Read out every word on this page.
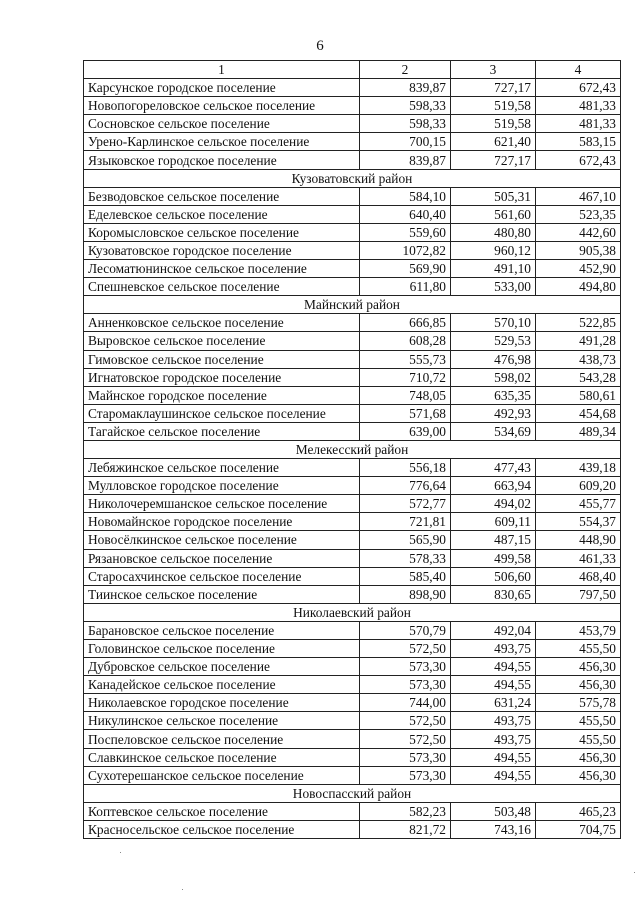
6
1	2	3	4
Карсунское городское поселение	839,87	727,17	672,43
Новопогореловское сельское поселение	598,33	519,58	481,33
Сосновское сельское поселение	598,33	519,58	481,33
Урено-Карлинское сельское поселение	700,15	621,40	583,15
Языковское городское поселение	839,87	727,17	672,43
Кузоватовский район			
Безводовское сельское поселение	584,10	505,31	467,10
Еделевское сельское поселение	640,40	561,60	523,35
Коромысловское сельское поселение	559,60	480,80	442,60
Кузоватовское городское поселение	1072,82	960,12	905,38
Лесоматюнинское сельское поселение	569,90	491,10	452,90
Спешневское сельское поселение	611,80	533,00	494,80
Майнский район			
Анненковское сельское поселение	666,85	570,10	522,85
Выровское сельское поселение	608,28	529,53	491,28
Гимовское сельское поселение	555,73	476,98	438,73
Игнатовское городское поселение	710,72	598,02	543,28
Майнское городское поселение	748,05	635,35	580,61
Старомаклаушинское сельское поселение	571,68	492,93	454,68
Тагайское сельское поселение	639,00	534,69	489,34
Мелекесский район			
Лебяжинское сельское поселение	556,18	477,43	439,18
Мулловское городское поселение	776,64	663,94	609,20
Николочеремшанское сельское поселение	572,77	494,02	455,77
Новомайнское городское поселение	721,81	609,11	554,37
Новосёлкинское сельское поселение	565,90	487,15	448,90
Рязановское сельское поселение	578,33	499,58	461,33
Старосахчинское сельское поселение	585,40	506,60	468,40
Тиинское сельское поселение	898,90	830,65	797,50
Николаевский район			
Барановское сельское поселение	570,79	492,04	453,79
Головинское сельское поселение	572,50	493,75	455,50
Дубровское сельское поселение	573,30	494,55	456,30
Канадейское сельское поселение	573,30	494,55	456,30
Николаевское городское поселение	744,00	631,24	575,78
Никулинское сельское поселение	572,50	493,75	455,50
Поспеловское сельское поселение	572,50	493,75	455,50
Славкинское сельское поселение	573,30	494,55	456,30
Сухотерешанское сельское поселение	573,30	494,55	456,30
Новоспасский район			
Коптевское сельское поселение	582,23	503,48	465,23
Красносельское сельское поселение	821,72	743,16	704,75
